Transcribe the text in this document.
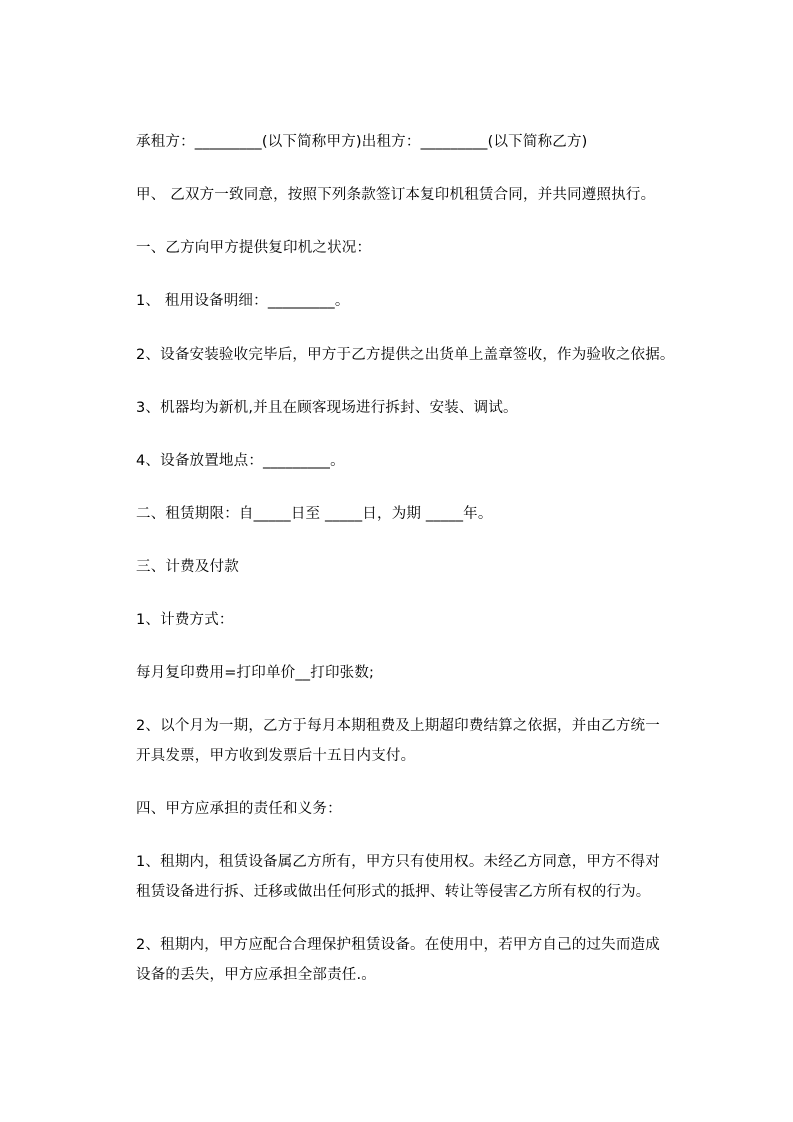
承租方：_________(以下简称甲方)出租方：_________(以下简称乙方)
甲、 乙双方一致同意，按照下列条款签订本复印机租赁合同，并共同遵照执行。
一、乙方向甲方提供复印机之状况：
1、 租用设备明细：_________。
2、设备安装验收完毕后，甲方于乙方提供之出货单上盖章签收，作为验收之依据。
3、机器均为新机,并且在顾客现场进行拆封、安装、调试。
4、设备放置地点：_________。
二、租赁期限：自_____日至 _____日，为期 _____年。
三、计费及付款
1、计费方式：
每月复印费用=打印单价__打印张数;
2、以个月为一期，乙方于每月本期租费及上期超印费结算之依据，并由乙方统一
开具发票，甲方收到发票后十五日内支付。
四、甲方应承担的责任和义务：
1、租期内，租赁设备属乙方所有，甲方只有使用权。未经乙方同意，甲方不得对
租赁设备进行拆、迁移或做出任何形式的抵押、转让等侵害乙方所有权的行为。
2、租期内，甲方应配合合理保护租赁设备。在使用中，若甲方自己的过失而造成
设备的丢失，甲方应承担全部责任.。
